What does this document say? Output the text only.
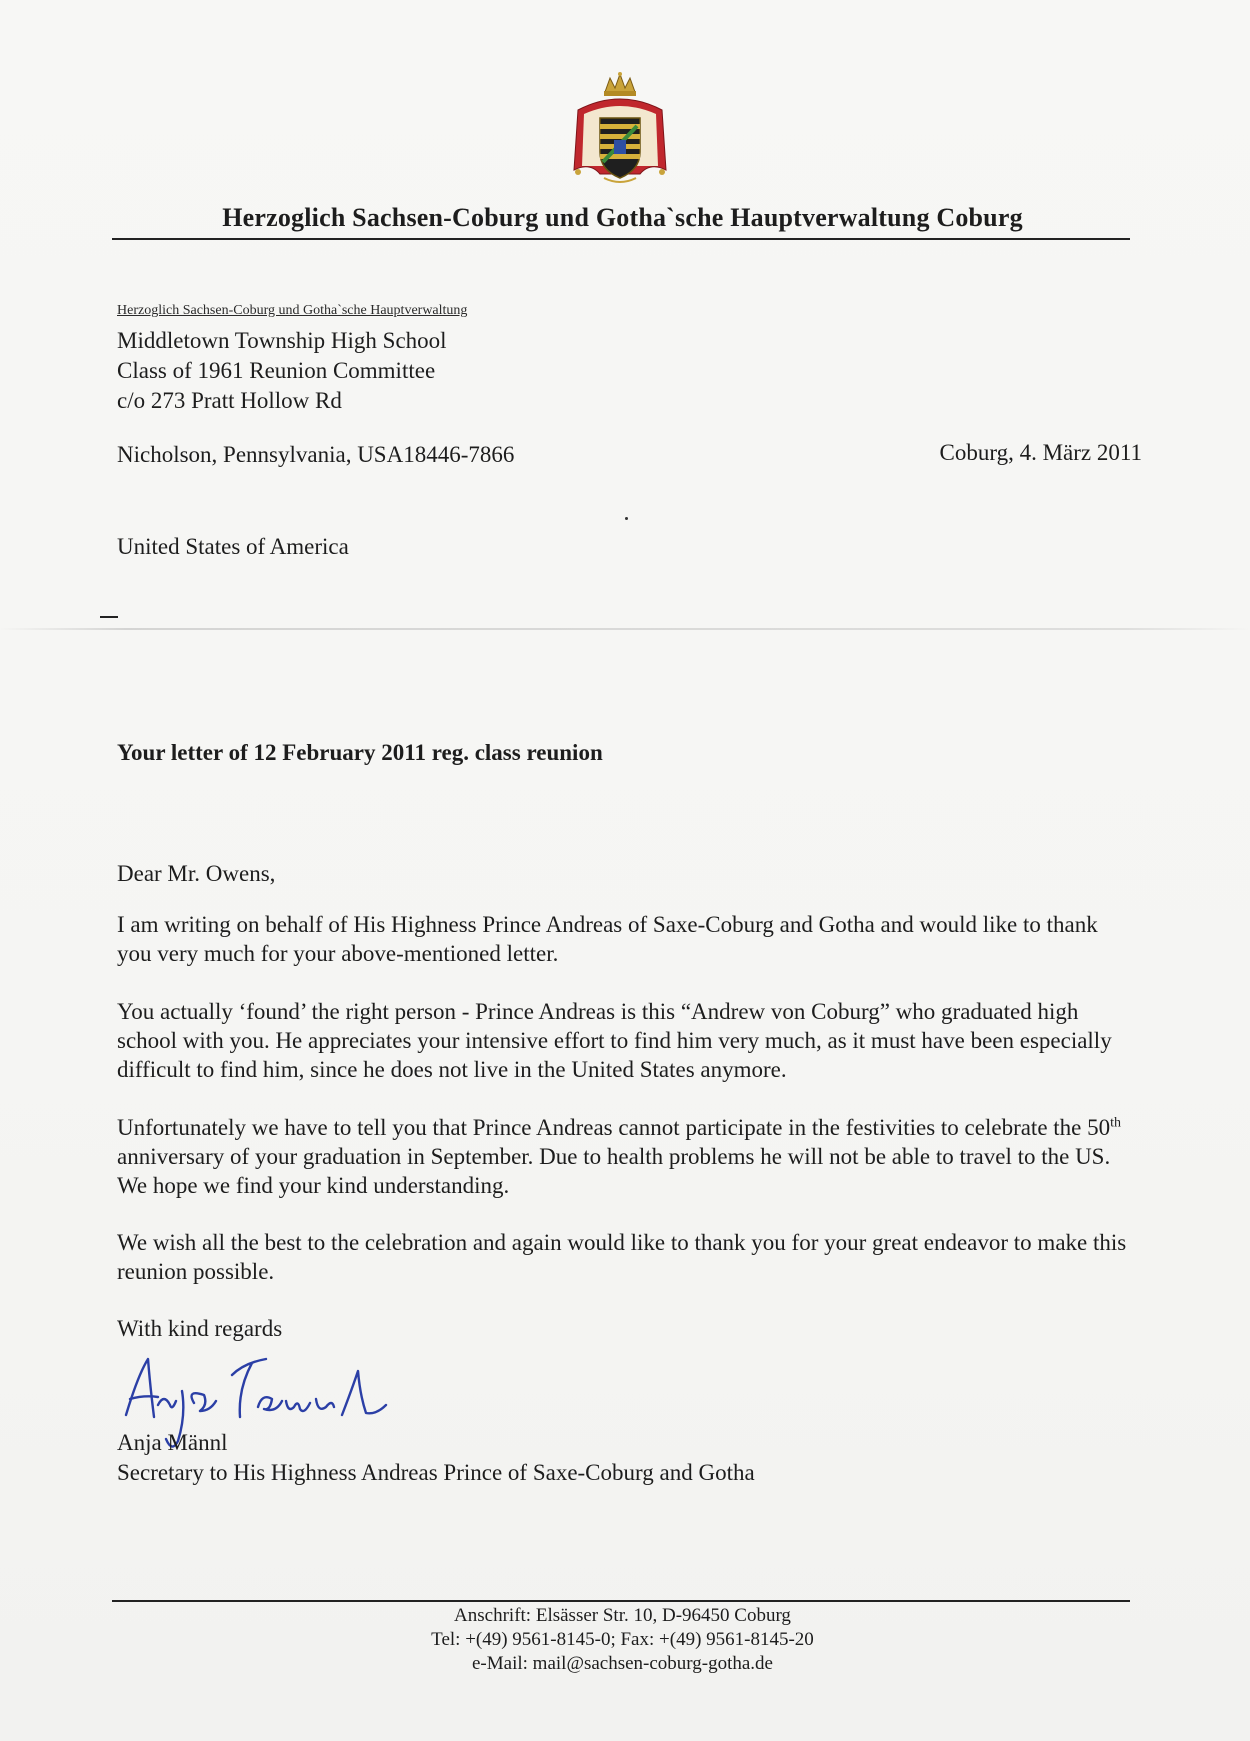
Herzoglich Sachsen-Coburg und Gotha`sche Hauptverwaltung Coburg
Herzoglich Sachsen-Coburg und Gotha`sche Hauptverwaltung
Middletown Township High School
Class of 1961 Reunion Committee
c/o 273 Pratt Hollow Rd
Nicholson, Pennsylvania, USA18446-7866
United States of America
Coburg, 4. März 2011
Your letter of 12 February 2011 reg. class reunion
Dear Mr. Owens,

I am writing on behalf of His Highness Prince Andreas of Saxe-Coburg and Gotha and would like to thank you very much for your above-mentioned letter.

You actually ‘found’ the right person - Prince Andreas is this “Andrew von Coburg” who graduated high school with you. He appreciates your intensive effort to find him very much, as it must have been especially difficult to find him, since he does not live in the United States anymore.

Unfortunately we have to tell you that Prince Andreas cannot participate in the festivities to celebrate the 50th anniversary of your graduation in September. Due to health problems he will not be able to travel to the US. We hope we find your kind understanding.

We wish all the best to the celebration and again would like to thank you for your great endeavor to make this reunion possible.

With kind regards
Anja Männl
Secretary to His Highness Andreas Prince of Saxe-Coburg and Gotha
Anschrift: Elsässer Str. 10, D-96450 Coburg
Tel: +(49) 9561-8145-0; Fax: +(49) 9561-8145-20
e-Mail: mail@sachsen-coburg-gotha.de
